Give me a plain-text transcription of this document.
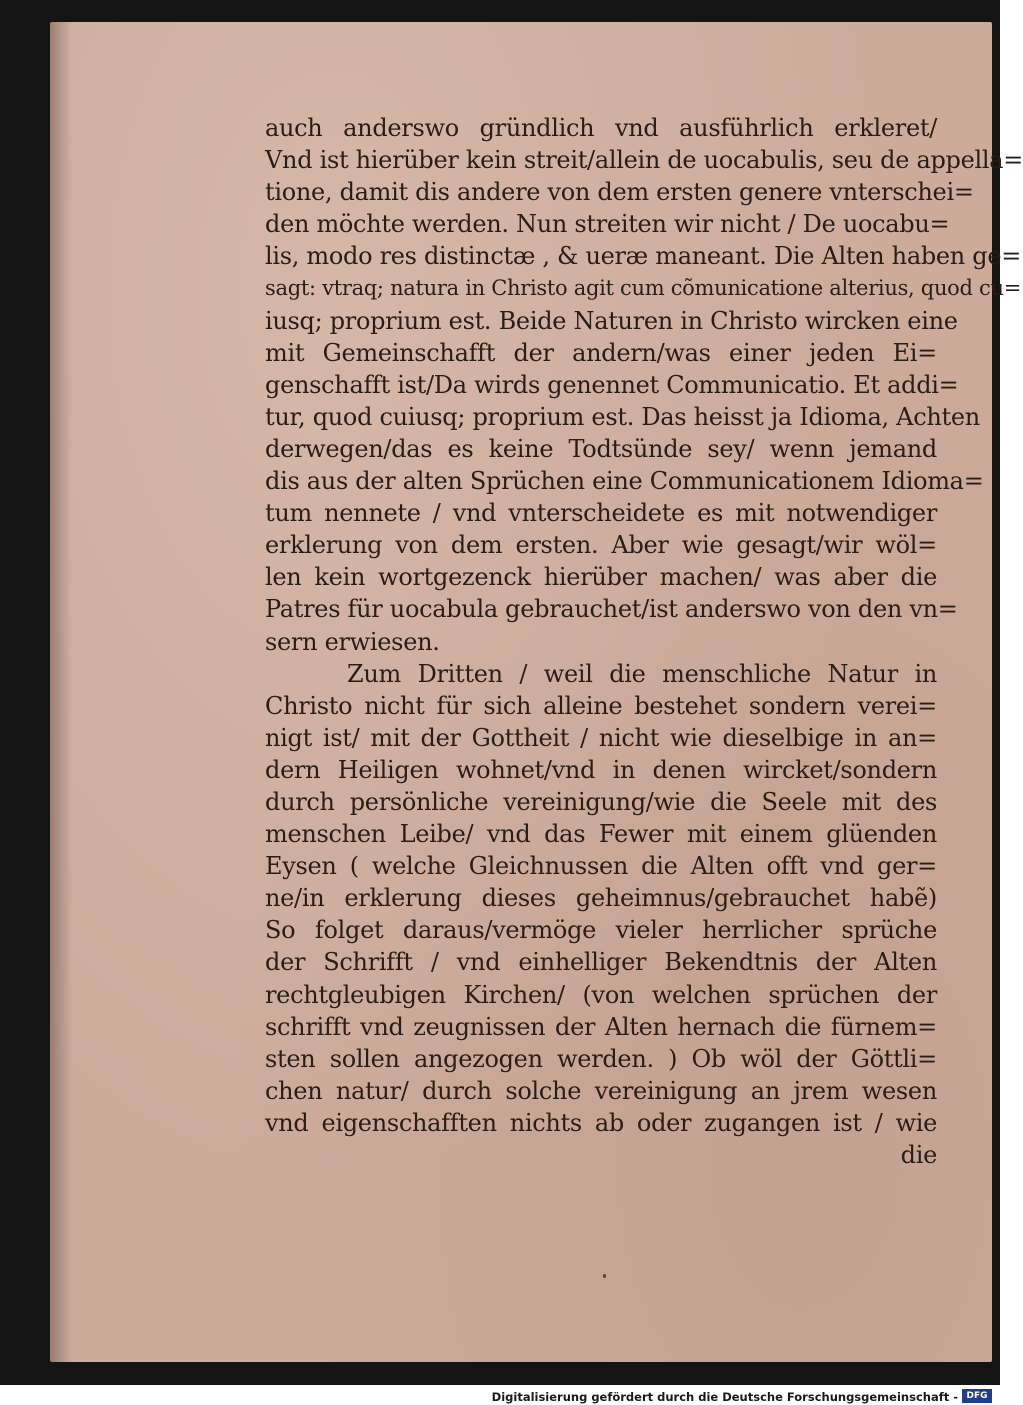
auch anderswo gründlich vnd ausführlich erkleret/
Vnd ist hierüber kein streit/allein de uocabulis, seu de appella=
tione, damit dis andere von dem ersten genere vnterschei=
den möchte werden. Nun streiten wir nicht / De uocabu=
lis, modo res distinctæ , & ueræ maneant. Die Alten haben ge=
sagt: vtraq; natura in Christo agit cum cõmunicatione alterius, quod cu=
iusq; proprium est. Beide Naturen in Christo wircken eine
mit Gemeinschafft der andern/was einer jeden Ei=
genschafft ist/Da wirds genennet Communicatio. Et addi=
tur, quod cuiusq; proprium est. Das heisst ja Idioma, Achten
derwegen/das es keine Todtsünde sey/ wenn jemand
dis aus der alten Sprüchen eine Communicationem Idioma=
tum nennete / vnd vnterscheidete es mit notwendiger
erklerung von dem ersten. Aber wie gesagt/wir wöl=
len kein wortgezenck hierüber machen/ was aber die
Patres für uocabula gebrauchet/ist anderswo von den vn=
sern erwiesen.
Zum Dritten / weil die menschliche Natur in
Christo nicht für sich alleine bestehet sondern verei=
nigt ist/ mit der Gottheit / nicht wie dieselbige in an=
dern Heiligen wohnet/vnd in denen wircket/sondern
durch persönliche vereinigung/wie die Seele mit des
menschen Leibe/ vnd das Fewer mit einem glüenden
Eysen ( welche Gleichnussen die Alten offt vnd ger=
ne/in erklerung dieses geheimnus/gebrauchet habẽ)
So folget daraus/vermöge vieler herrlicher sprüche
der Schrifft / vnd einhelliger Bekendtnis der Alten
rechtgleubigen Kirchen/ (von welchen sprüchen der
schrifft vnd zeugnissen der Alten hernach die fürnem=
sten sollen angezogen werden. ) Ob wöl der Göttli=
chen natur/ durch solche vereinigung an jrem wesen
vnd eigenschafften nichts ab oder zugangen ist / wie
die
Digitalisierung gefördert durch die Deutsche Forschungsgemeinschaft - DFG
